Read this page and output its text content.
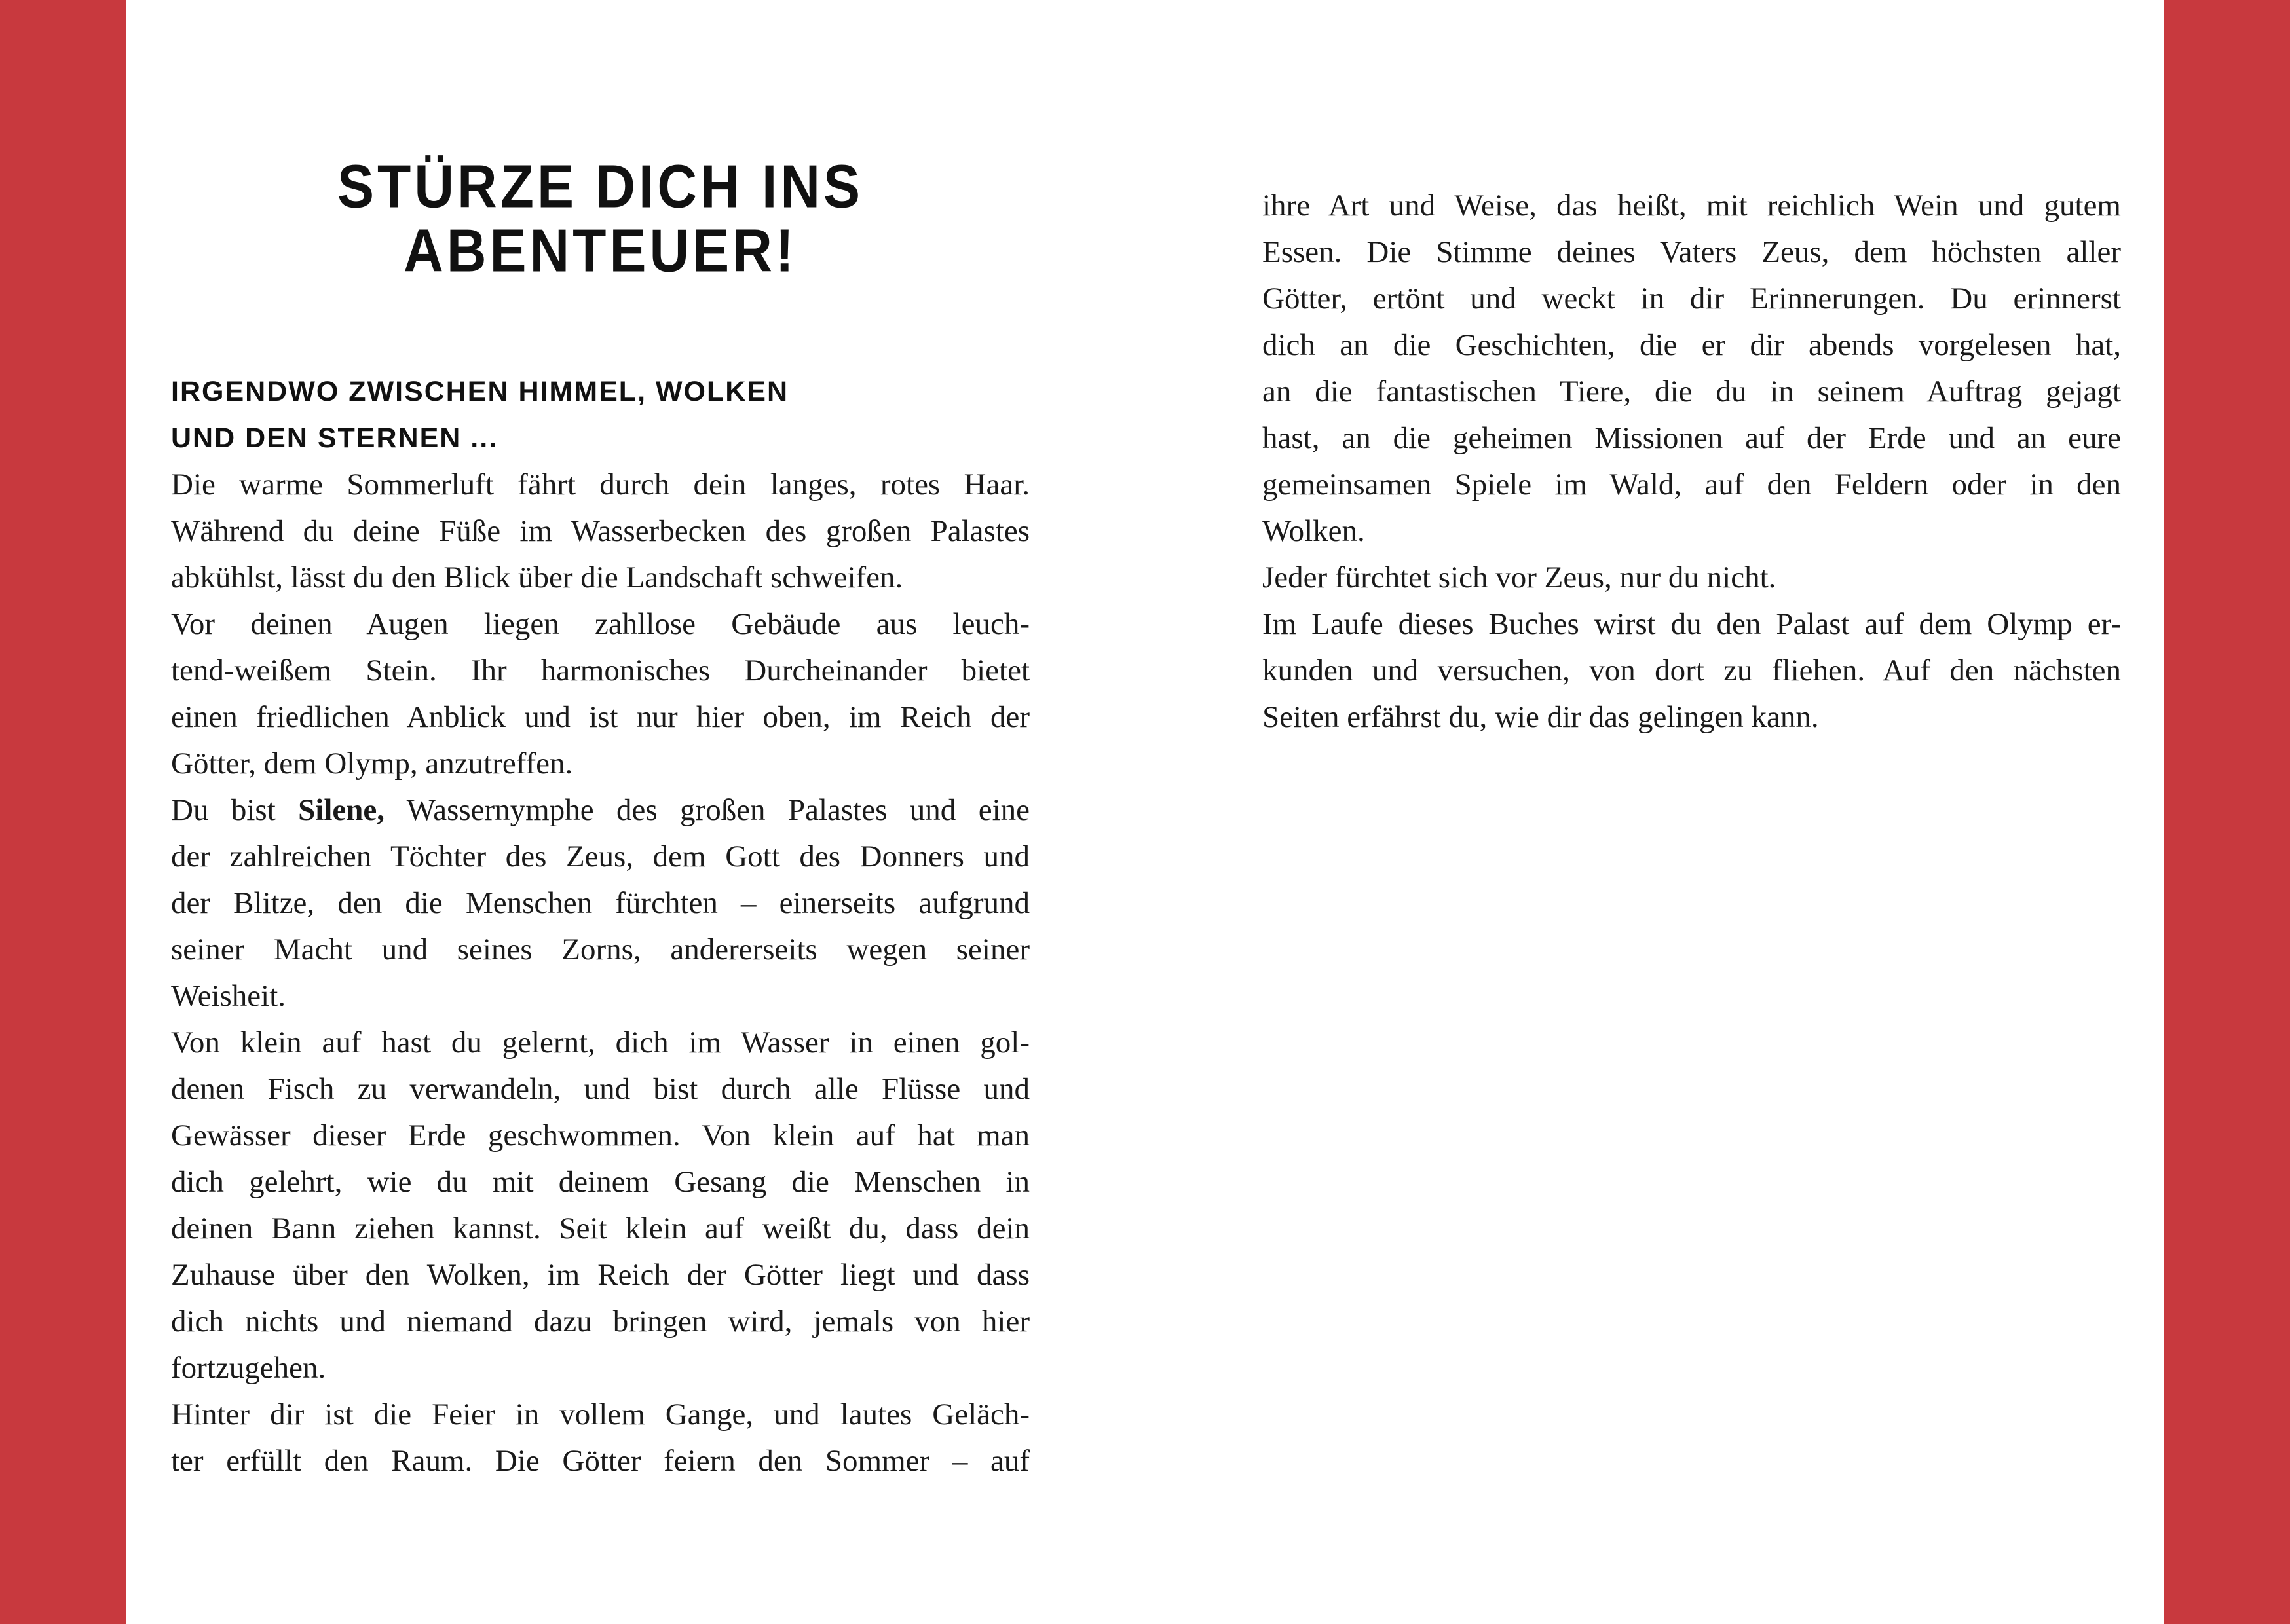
STÜRZE DICH INS
ABENTEUER!
IRGENDWO ZWISCHEN HIMMEL, WOLKEN
UND DEN STERNEN ...
Die warme Sommerluft fährt durch dein langes, rotes Haar.
Während du deine Füße im Wasserbecken des großen Palastes
abkühlst, lässt du den Blick über die Landschaft schweifen.
Vor deinen Augen liegen zahllose Gebäude aus leuch-
tend-weißem Stein. Ihr harmonisches Durcheinander bietet
einen friedlichen Anblick und ist nur hier oben, im Reich der
Götter, dem Olymp, anzutreffen.
Du bist Silene, Wassernymphe des großen Palastes und eine
der zahlreichen Töchter des Zeus, dem Gott des Donners und
der Blitze, den die Menschen fürchten – einerseits aufgrund
seiner Macht und seines Zorns, andererseits wegen seiner
Weisheit.
Von klein auf hast du gelernt, dich im Wasser in einen gol-
denen Fisch zu verwandeln, und bist durch alle Flüsse und
Gewässer dieser Erde geschwommen. Von klein auf hat man
dich gelehrt, wie du mit deinem Gesang die Menschen in
deinen Bann ziehen kannst. Seit klein auf weißt du, dass dein
Zuhause über den Wolken, im Reich der Götter liegt und dass
dich nichts und niemand dazu bringen wird, jemals von hier
fortzugehen.
Hinter dir ist die Feier in vollem Gange, und lautes Geläch-
ter erfüllt den Raum. Die Götter feiern den Sommer – auf
ihre Art und Weise, das heißt, mit reichlich Wein und gutem
Essen. Die Stimme deines Vaters Zeus, dem höchsten aller
Götter, ertönt und weckt in dir Erinnerungen. Du erinnerst
dich an die Geschichten, die er dir abends vorgelesen hat,
an die fantastischen Tiere, die du in seinem Auftrag gejagt
hast, an die geheimen Missionen auf der Erde und an eure
gemeinsamen Spiele im Wald, auf den Feldern oder in den
Wolken.
Jeder fürchtet sich vor Zeus, nur du nicht.
Im Laufe dieses Buches wirst du den Palast auf dem Olymp er-
kunden und versuchen, von dort zu fliehen. Auf den nächsten
Seiten erfährst du, wie dir das gelingen kann.
